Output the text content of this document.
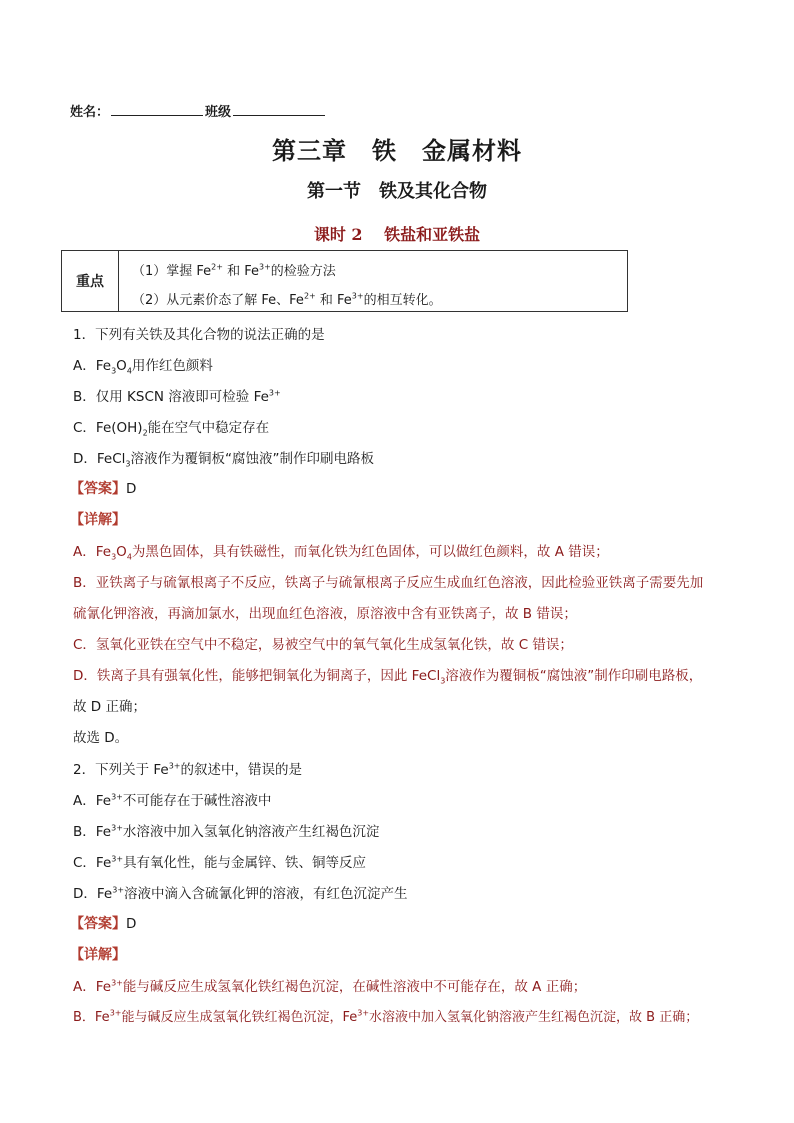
姓名：	班级
第三章　铁　金属材料
第一节　铁及其化合物
课时 2　 铁盐和亚铁盐
重点
（1）掌握 $Fe^{2+}$ 和 $Fe^{3+}$的检验方法
（2）从元素价态了解 Fe、$Fe^{2+}$ 和 $Fe^{3+}$的相互转化。
1．下列有关铁及其化合物的说法正确的是
A．$Fe_3O_4$用作红色颜料
B．仅用 KSCN 溶液即可检验 $Fe^{3+}$
C．$Fe(OH)_2$能在空气中稳定存在
D．FeCl$_3$溶液作为覆铜板“腐蚀液”制作印刷电路板
【答案】D
【详解】
A．$Fe_3O_4$为黑色固体，具有铁磁性，而氧化铁为红色固体，可以做红色颜料，故 A 错误；
B．亚铁离子与硫氰根离子不反应，铁离子与硫氰根离子反应生成血红色溶液，因此检验亚铁离子需要先加
硫氰化钾溶液，再滴加氯水，出现血红色溶液，原溶液中含有亚铁离子，故 B 错误；
C．氢氧化亚铁在空气中不稳定，易被空气中的氧气氧化生成氢氧化铁，故 C 错误；
D．铁离子具有强氧化性，能够把铜氧化为铜离子，因此 FeCl$_3$溶液作为覆铜板“腐蚀液”制作印刷电路板，
故 D 正确；
故选 D。
2．下列关于 $Fe^{3+}$的叙述中，错误的是
A．$Fe^{3+}$不可能存在于碱性溶液中
B．$Fe^{3+}$水溶液中加入氢氧化钠溶液产生红褐色沉淀
C．$Fe^{3+}$具有氧化性，能与金属锌、铁、铜等反应
D．$Fe^{3+}$溶液中滴入含硫氰化钾的溶液，有红色沉淀产生
【答案】D
【详解】
A．$Fe^{3+}$能与碱反应生成氢氧化铁红褐色沉淀，在碱性溶液中不可能存在，故 A 正确；
B．$Fe^{3+}$能与碱反应生成氢氧化铁红褐色沉淀，$Fe^{3+}$水溶液中加入氢氧化钠溶液产生红褐色沉淀，故 B 正确；
